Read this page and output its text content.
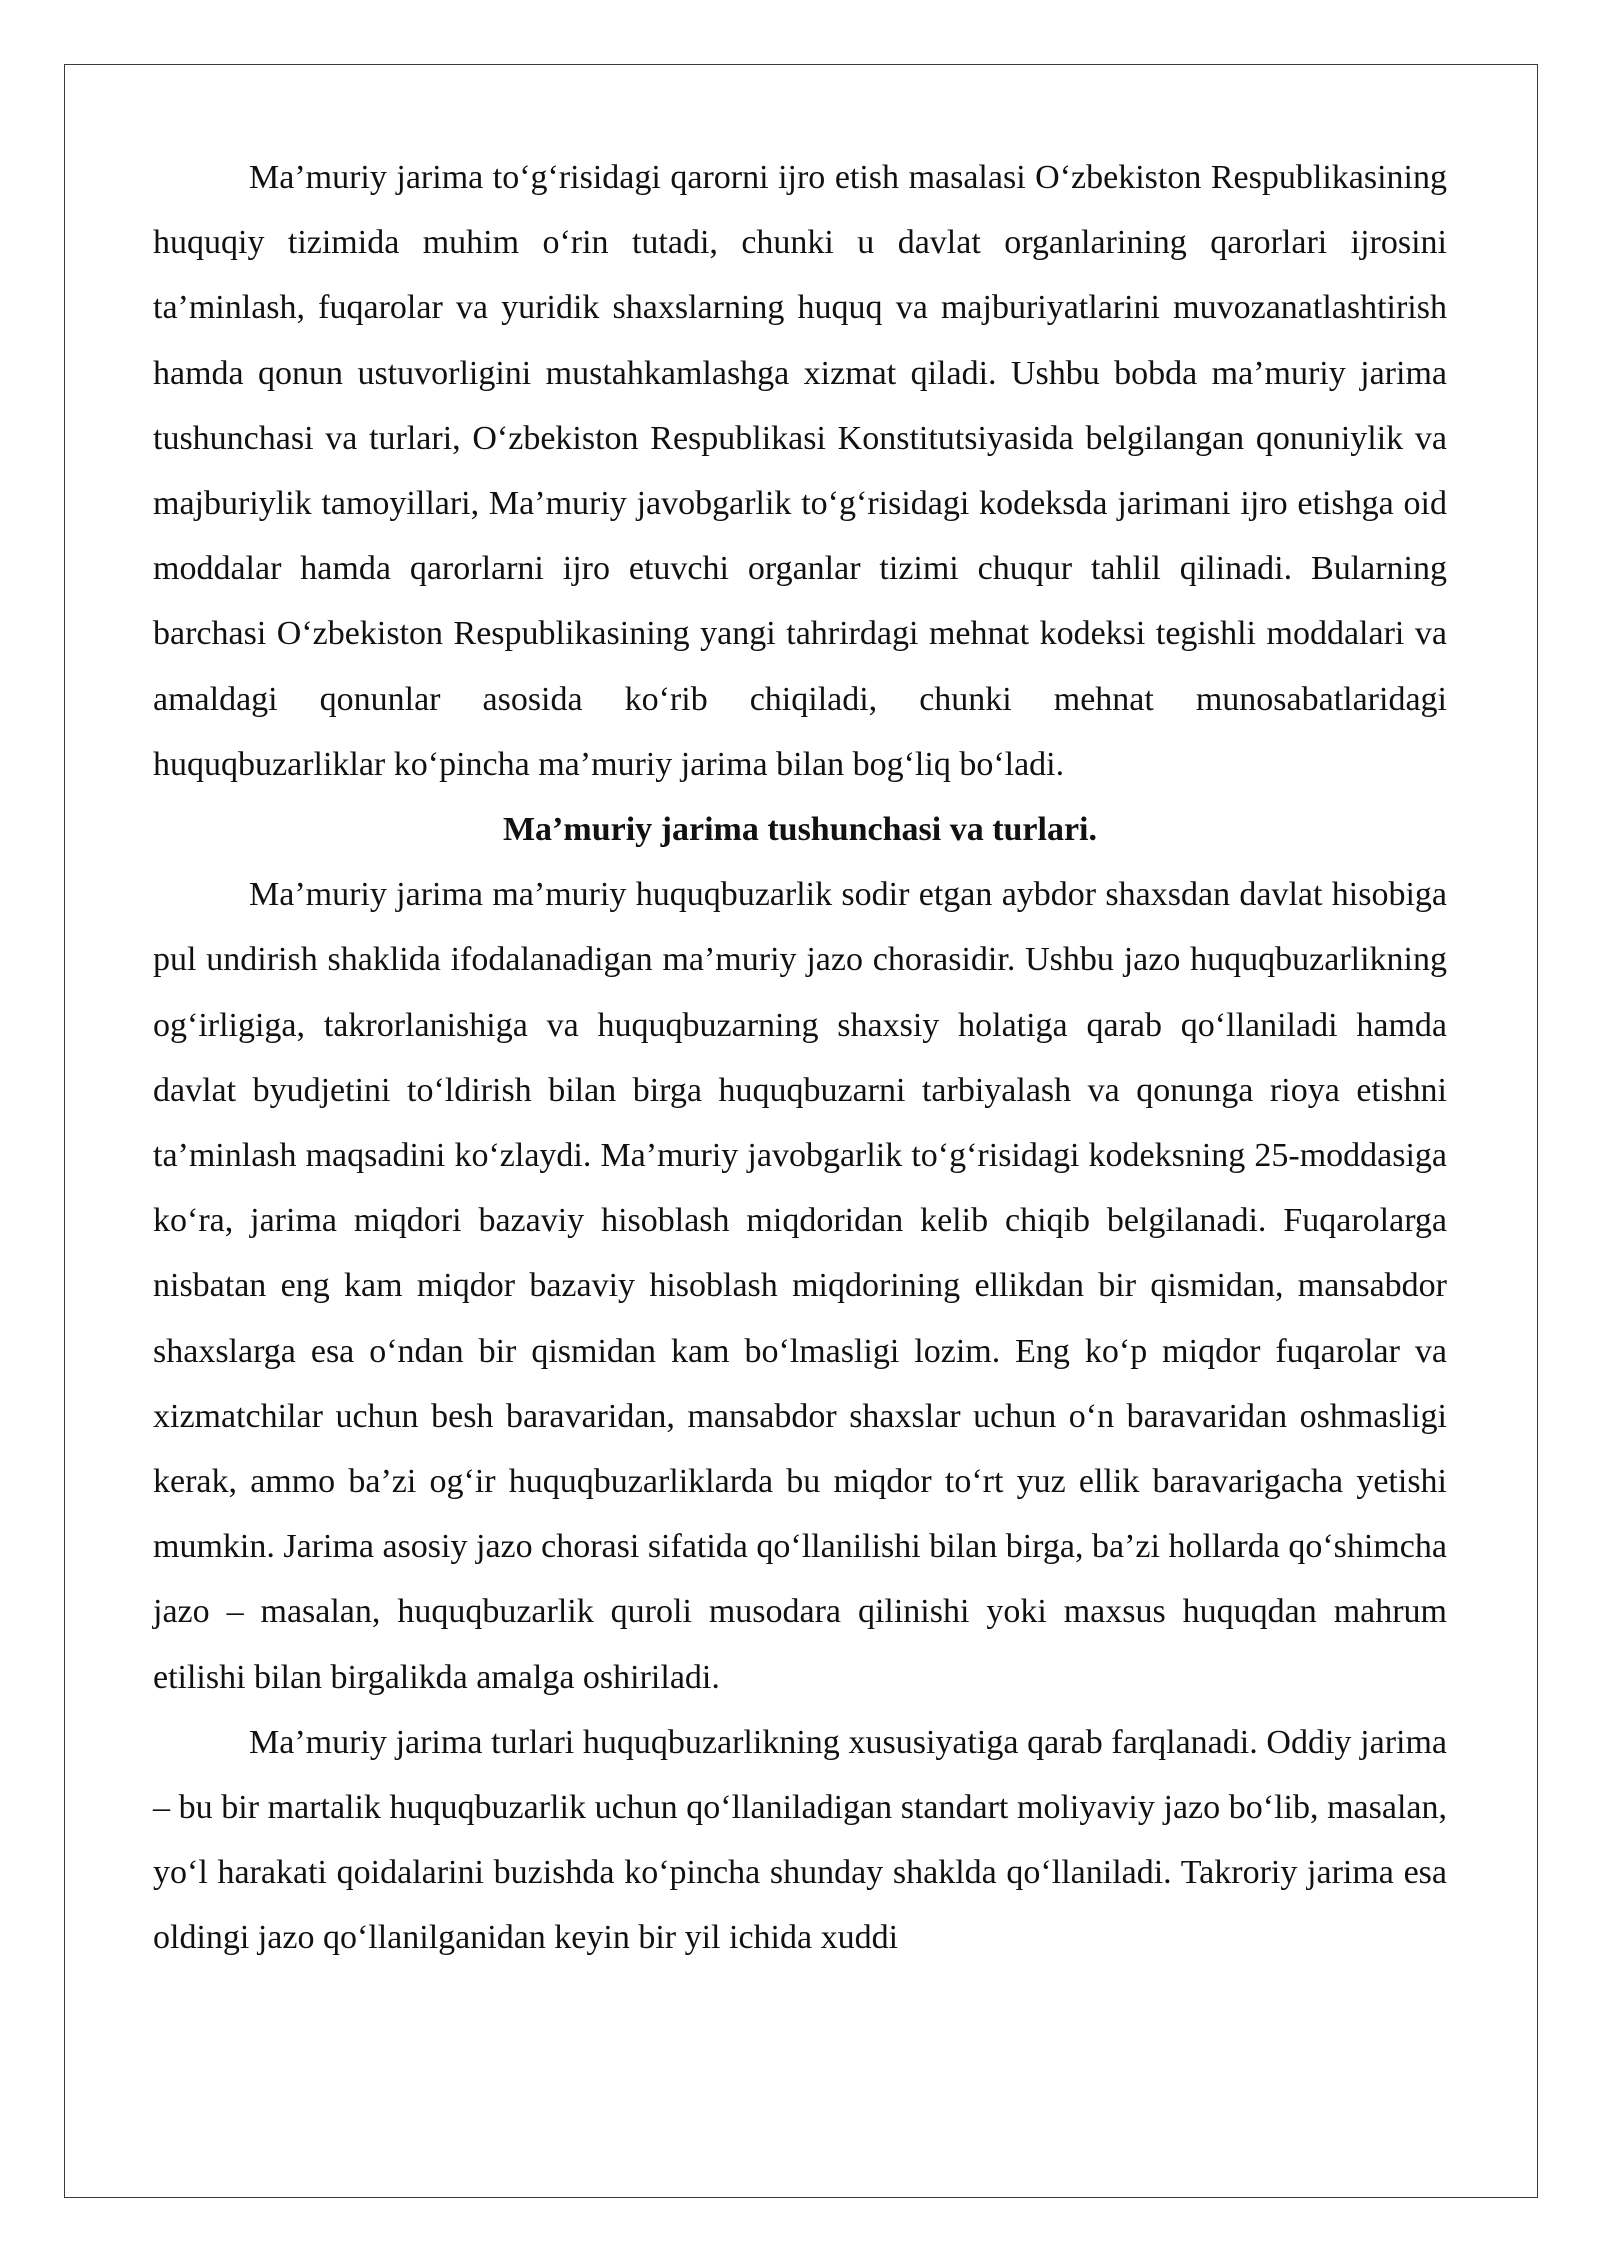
Ma’muriy jarima to‘g‘risidagi qarorni ijro etish masalasi O‘zbekiston Respublikasining huquqiy tizimida muhim o‘rin tutadi, chunki u davlat organlarining qarorlari ijrosini ta’minlash, fuqarolar va yuridik shaxslarning huquq va majburiyatlarini muvozanatlashtirish hamda qonun ustuvorligini mustahkamlashga xizmat qiladi. Ushbu bobda ma’muriy jarima tushunchasi va turlari, O‘zbekiston Respublikasi Konstitutsiyasida belgilangan qonuniylik va majburiylik tamoyillari, Ma’muriy javobgarlik to‘g‘risidagi kodeksda jarimani ijro etishga oid moddalar hamda qarorlarni ijro etuvchi organlar tizimi chuqur tahlil qilinadi. Bularning barchasi O‘zbekiston Respublikasining yangi tahrirdagi mehnat kodeksi tegishli moddalari va amaldagi qonunlar asosida ko‘rib chiqiladi, chunki mehnat munosabatlaridagi huquqbuzarliklar ko‘pincha ma’muriy jarima bilan bog‘liq bo‘ladi.

Ma’muriy jarima tushunchasi va turlari.

Ma’muriy jarima ma’muriy huquqbuzarlik sodir etgan aybdor shaxsdan davlat hisobiga pul undirish shaklida ifodalanadigan ma’muriy jazo chorasidir. Ushbu jazo huquqbuzarlikning og‘irligiga, takrorlanishiga va huquqbuzarning shaxsiy holatiga qarab qo‘llaniladi hamda davlat byudjetini to‘ldirish bilan birga huquqbuzarni tarbiyalash va qonunga rioya etishni ta’minlash maqsadini ko‘zlaydi. Ma’muriy javobgarlik to‘g‘risidagi kodeksning 25-moddasiga ko‘ra, jarima miqdori bazaviy hisoblash miqdoridan kelib chiqib belgilanadi. Fuqarolarga nisbatan eng kam miqdor bazaviy hisoblash miqdorining ellikdan bir qismidan, mansabdor shaxslarga esa o‘ndan bir qismidan kam bo‘lmasligi lozim. Eng ko‘p miqdor fuqarolar va xizmatchilar uchun besh baravaridan, mansabdor shaxslar uchun o‘n baravaridan oshmasligi kerak, ammo ba’zi og‘ir huquqbuzarliklarda bu miqdor to‘rt yuz ellik baravarigacha yetishi mumkin. Jarima asosiy jazo chorasi sifatida qo‘llanilishi bilan birga, ba’zi hollarda qo‘shimcha jazo – masalan, huquqbuzarlik quroli musodara qilinishi yoki maxsus huquqdan mahrum etilishi bilan birgalikda amalga oshiriladi.

Ma’muriy jarima turlari huquqbuzarlikning xususiyatiga qarab farqlanadi. Oddiy jarima – bu bir martalik huquqbuzarlik uchun qo‘llaniladigan standart moliyaviy jazo bo‘lib, masalan, yo‘l harakati qoidalarini buzishda ko‘pincha shunday shaklda qo‘llaniladi. Takroriy jarima esa oldingi jazo qo‘llanilganidan keyin bir yil ichida xuddi
